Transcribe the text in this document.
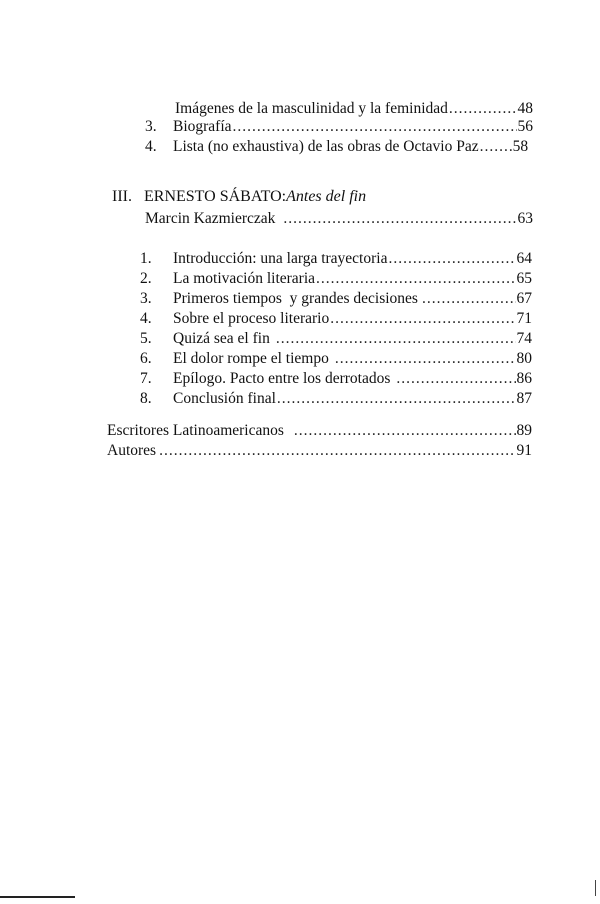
Imágenes de la masculinidad y la feminidad .....	48
3.	Biografía .....	56
4.	Lista (no exhaustiva) de las obras de Octavio Paz ..... 58
III. ERNESTO SÁBATO: Antes del fin
Marcin Kazmierczak .....	63
1.	Introducción: una larga trayectoria .....	64
2.	La motivación literaria .....	65
3.	Primeros tiempos  y grandes decisiones .....	67
4.	Sobre el proceso literario .....	71
5.	Quizá sea el fin .....	74
6.	El dolor rompe el tiempo .....	80
7.	Epílogo. Pacto entre los derrotados .....	86
8.	Conclusión final .....	87
Escritores Latinoamericanos .....	89
Autores .....	91
